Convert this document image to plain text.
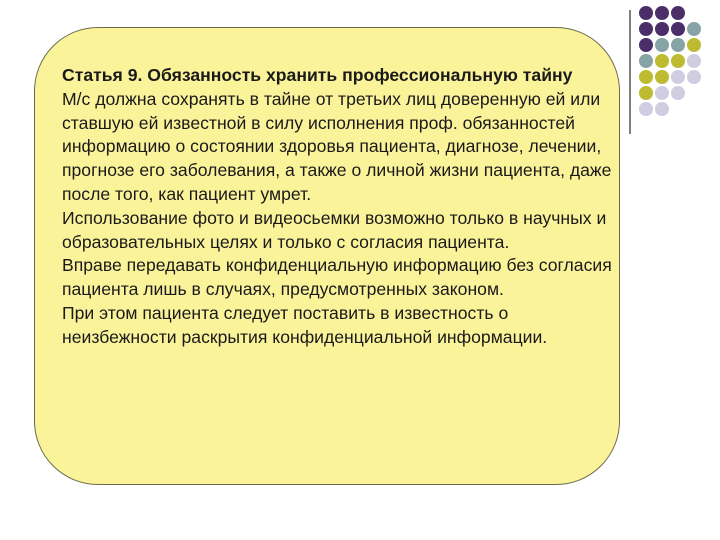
Статья 9. Обязанность хранить профессиональную тайну

М/с должна сохранять в тайне от третьих лиц доверенную ей или ставшую ей известной в силу исполнения проф. обязанностей информацию о состоянии здоровья пациента, диагнозе, лечении, прогнозе его заболевания, а также о личной жизни пациента, даже после того, как пациент умрет.

Использование фото и видеосьемки возможно только в научных и образовательных целях и только с согласия пациента.

Вправе передавать конфиденциальную информацию без согласия пациента лишь в случаях, предусмотренных законом.

При этом пациента следует поставить в известность о неизбежности раскрытия конфиденциальной информации.
